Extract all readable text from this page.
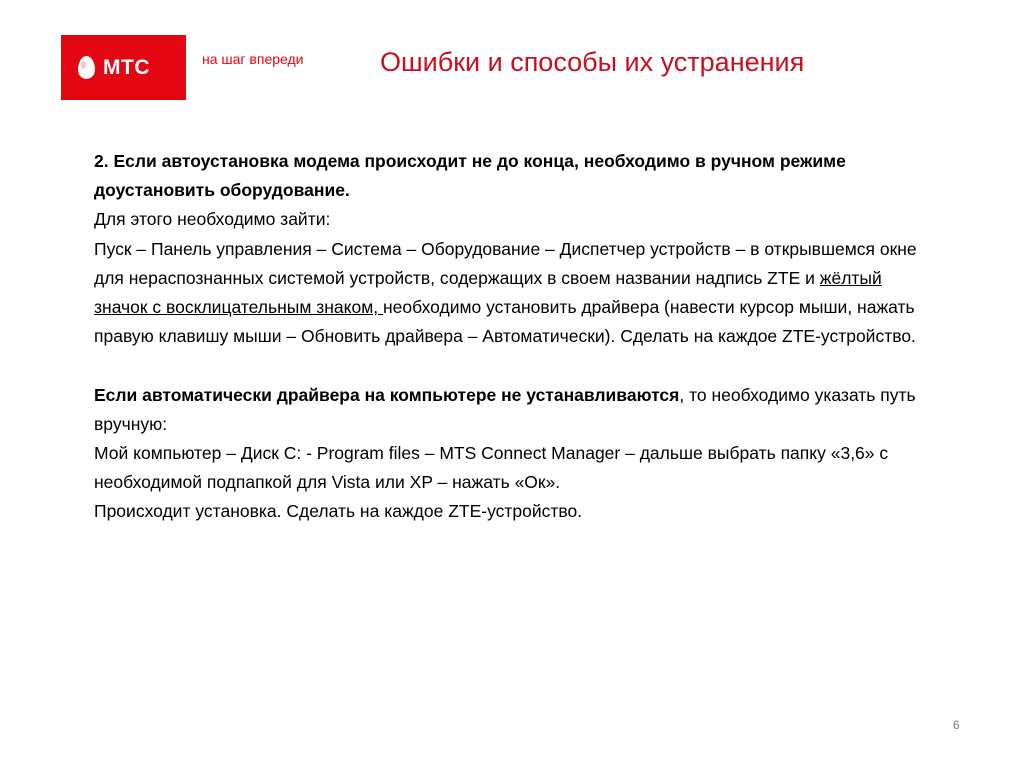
МТС	на шаг впереди	Ошибки и способы их устранения

2. Если автоустановка модема происходит не до конца, необходимо в ручном режиме доустановить оборудование.

Для этого необходимо зайти:

Пуск – Панель управления – Система – Оборудование – Диспетчер устройств – в открывшемся окне для нераспознанных системой устройств, содержащих в своем названии надпись ZTE и жёлтый значок с восклицательным знаком, необходимо установить драйвера (навести курсор мыши, нажать правую клавишу мыши – Обновить драйвера – Автоматически). Сделать на каждое ZTE-устройство.

Если автоматически драйвера на компьютере не устанавливаются, то необходимо указать путь вручную:

Мой компьютер – Диск С: - Program files – MTS Connect Manager – дальше выбрать папку «3,6» с необходимой подпапкой для Vista или XP – нажать «Ок».

Происходит установка. Сделать на каждое ZTE-устройство.

6
